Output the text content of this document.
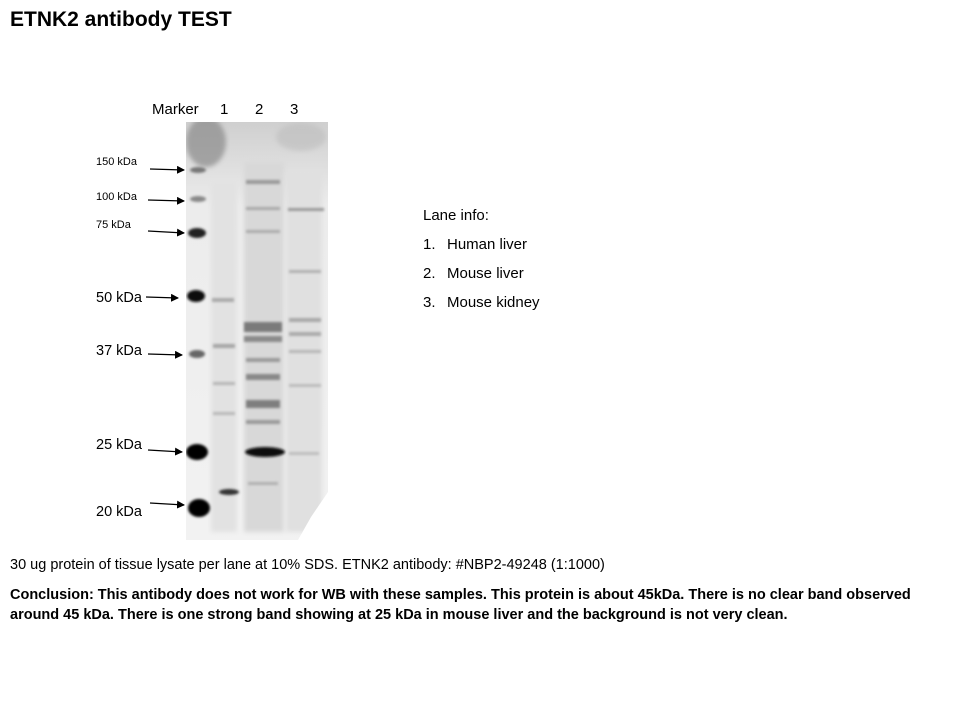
ETNK2 antibody TEST
Marker 1 2 3
150 kDa
100 kDa
75 kDa
50 kDa
37 kDa
25 kDa
20 kDa
Lane info:
1. Human liver
2. Mouse liver
3. Mouse kidney
30 ug protein of tissue lysate per lane at 10% SDS. ETNK2 antibody: #NBP2-49248 (1:1000)
Conclusion: This antibody does not work for WB with these samples. This protein is about 45kDa. There is no clear band observed around 45 kDa. There is one strong band showing at 25 kDa in mouse liver and the background is not very clean.
